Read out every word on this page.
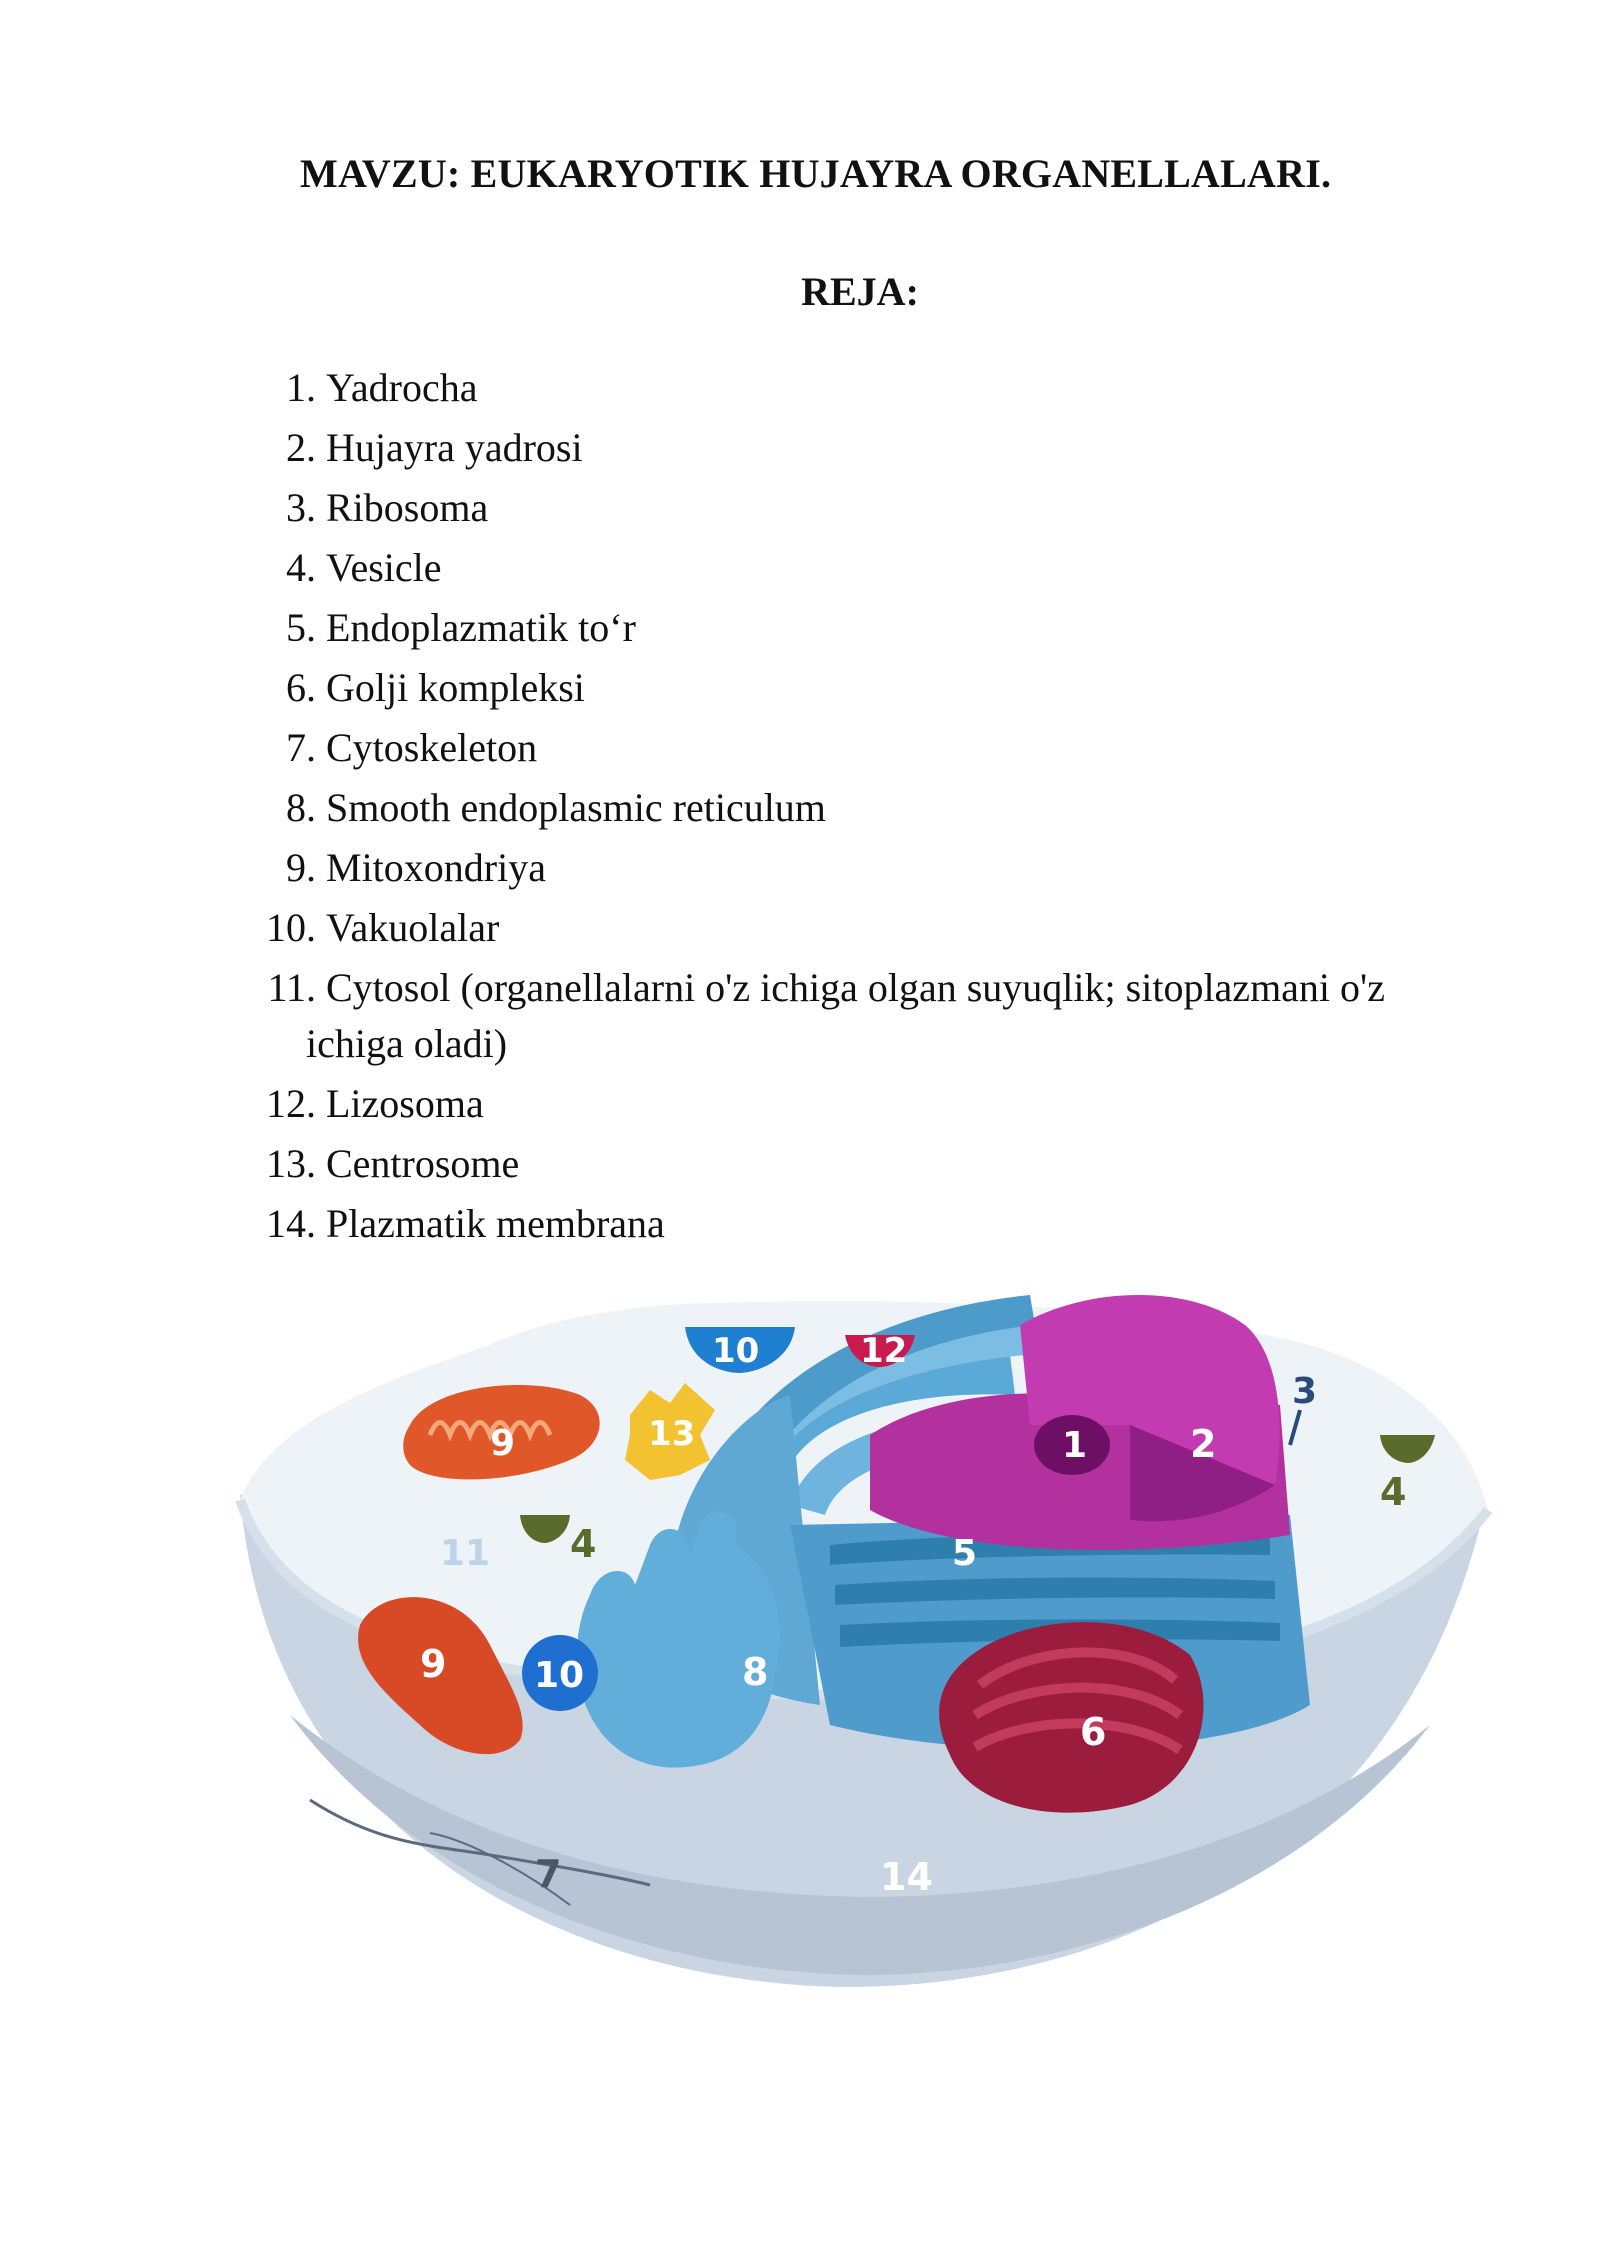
MAVZU: EUKARYOTIK HUJAYRA ORGANELLALARI.
REJA:
1. Yadrocha
2. Hujayra yadrosi
3. Ribosoma
4. Vesicle
5. Endoplazmatik to‘r
6. Golji kompleksi
7. Cytoskeleton
8. Smooth endoplasmic reticulum
9. Mitoxondriya
10. Vakuolalar
11. Cytosol (organellalarni o'z ichiga olgan suyuqlik; sitoplazmani o'z
ichiga oladi)
12. Lizosoma
13. Centrosome
14. Plazmatik membrana
1	2
3
4
4	5
6
7
8
9
9
10
10
11
12
13
14
